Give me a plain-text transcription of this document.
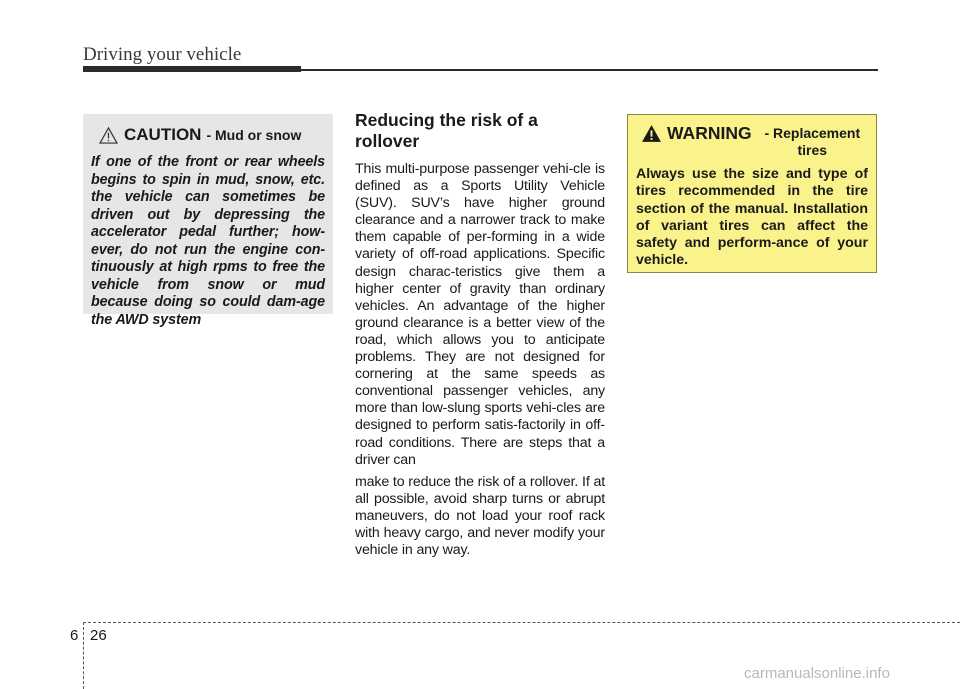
Driving your vehicle
CAUTION - Mud or snow
If one of the front or rear wheels begins to spin in mud, snow, etc. the vehicle can sometimes be driven out by depressing the accelerator pedal further; how-ever, do not run the engine con-tinuously at high rpms to free the vehicle from snow or mud because doing so could dam-age the AWD system
Reducing the risk of a rollover

This multi-purpose passenger vehi-cle is defined as a Sports Utility Vehicle (SUV). SUV’s have higher ground clearance and a narrower track to make them capable of per-forming in a wide variety of off-road applications. Specific design charac-teristics give them a higher center of gravity than ordinary vehicles. An advantage of the higher ground clearance is a better view of the road, which allows you to anticipate problems. They are not designed for cornering at the same speeds as conventional passenger vehicles, any more than low-slung sports vehi-cles are designed to perform satis-factorily in off-road conditions. There are steps that a driver can

make to reduce the risk of a rollover. If at all possible, avoid sharp turns or abrupt maneuvers, do not load your roof rack with heavy cargo, and never modify your vehicle in any way.

WARNING - Replacement tires
Always use the size and type of tires recommended in the tire section of the manual. Installation of variant tires can affect the safety and perform-ance of your vehicle.
6 26
carmanualsonline.info
